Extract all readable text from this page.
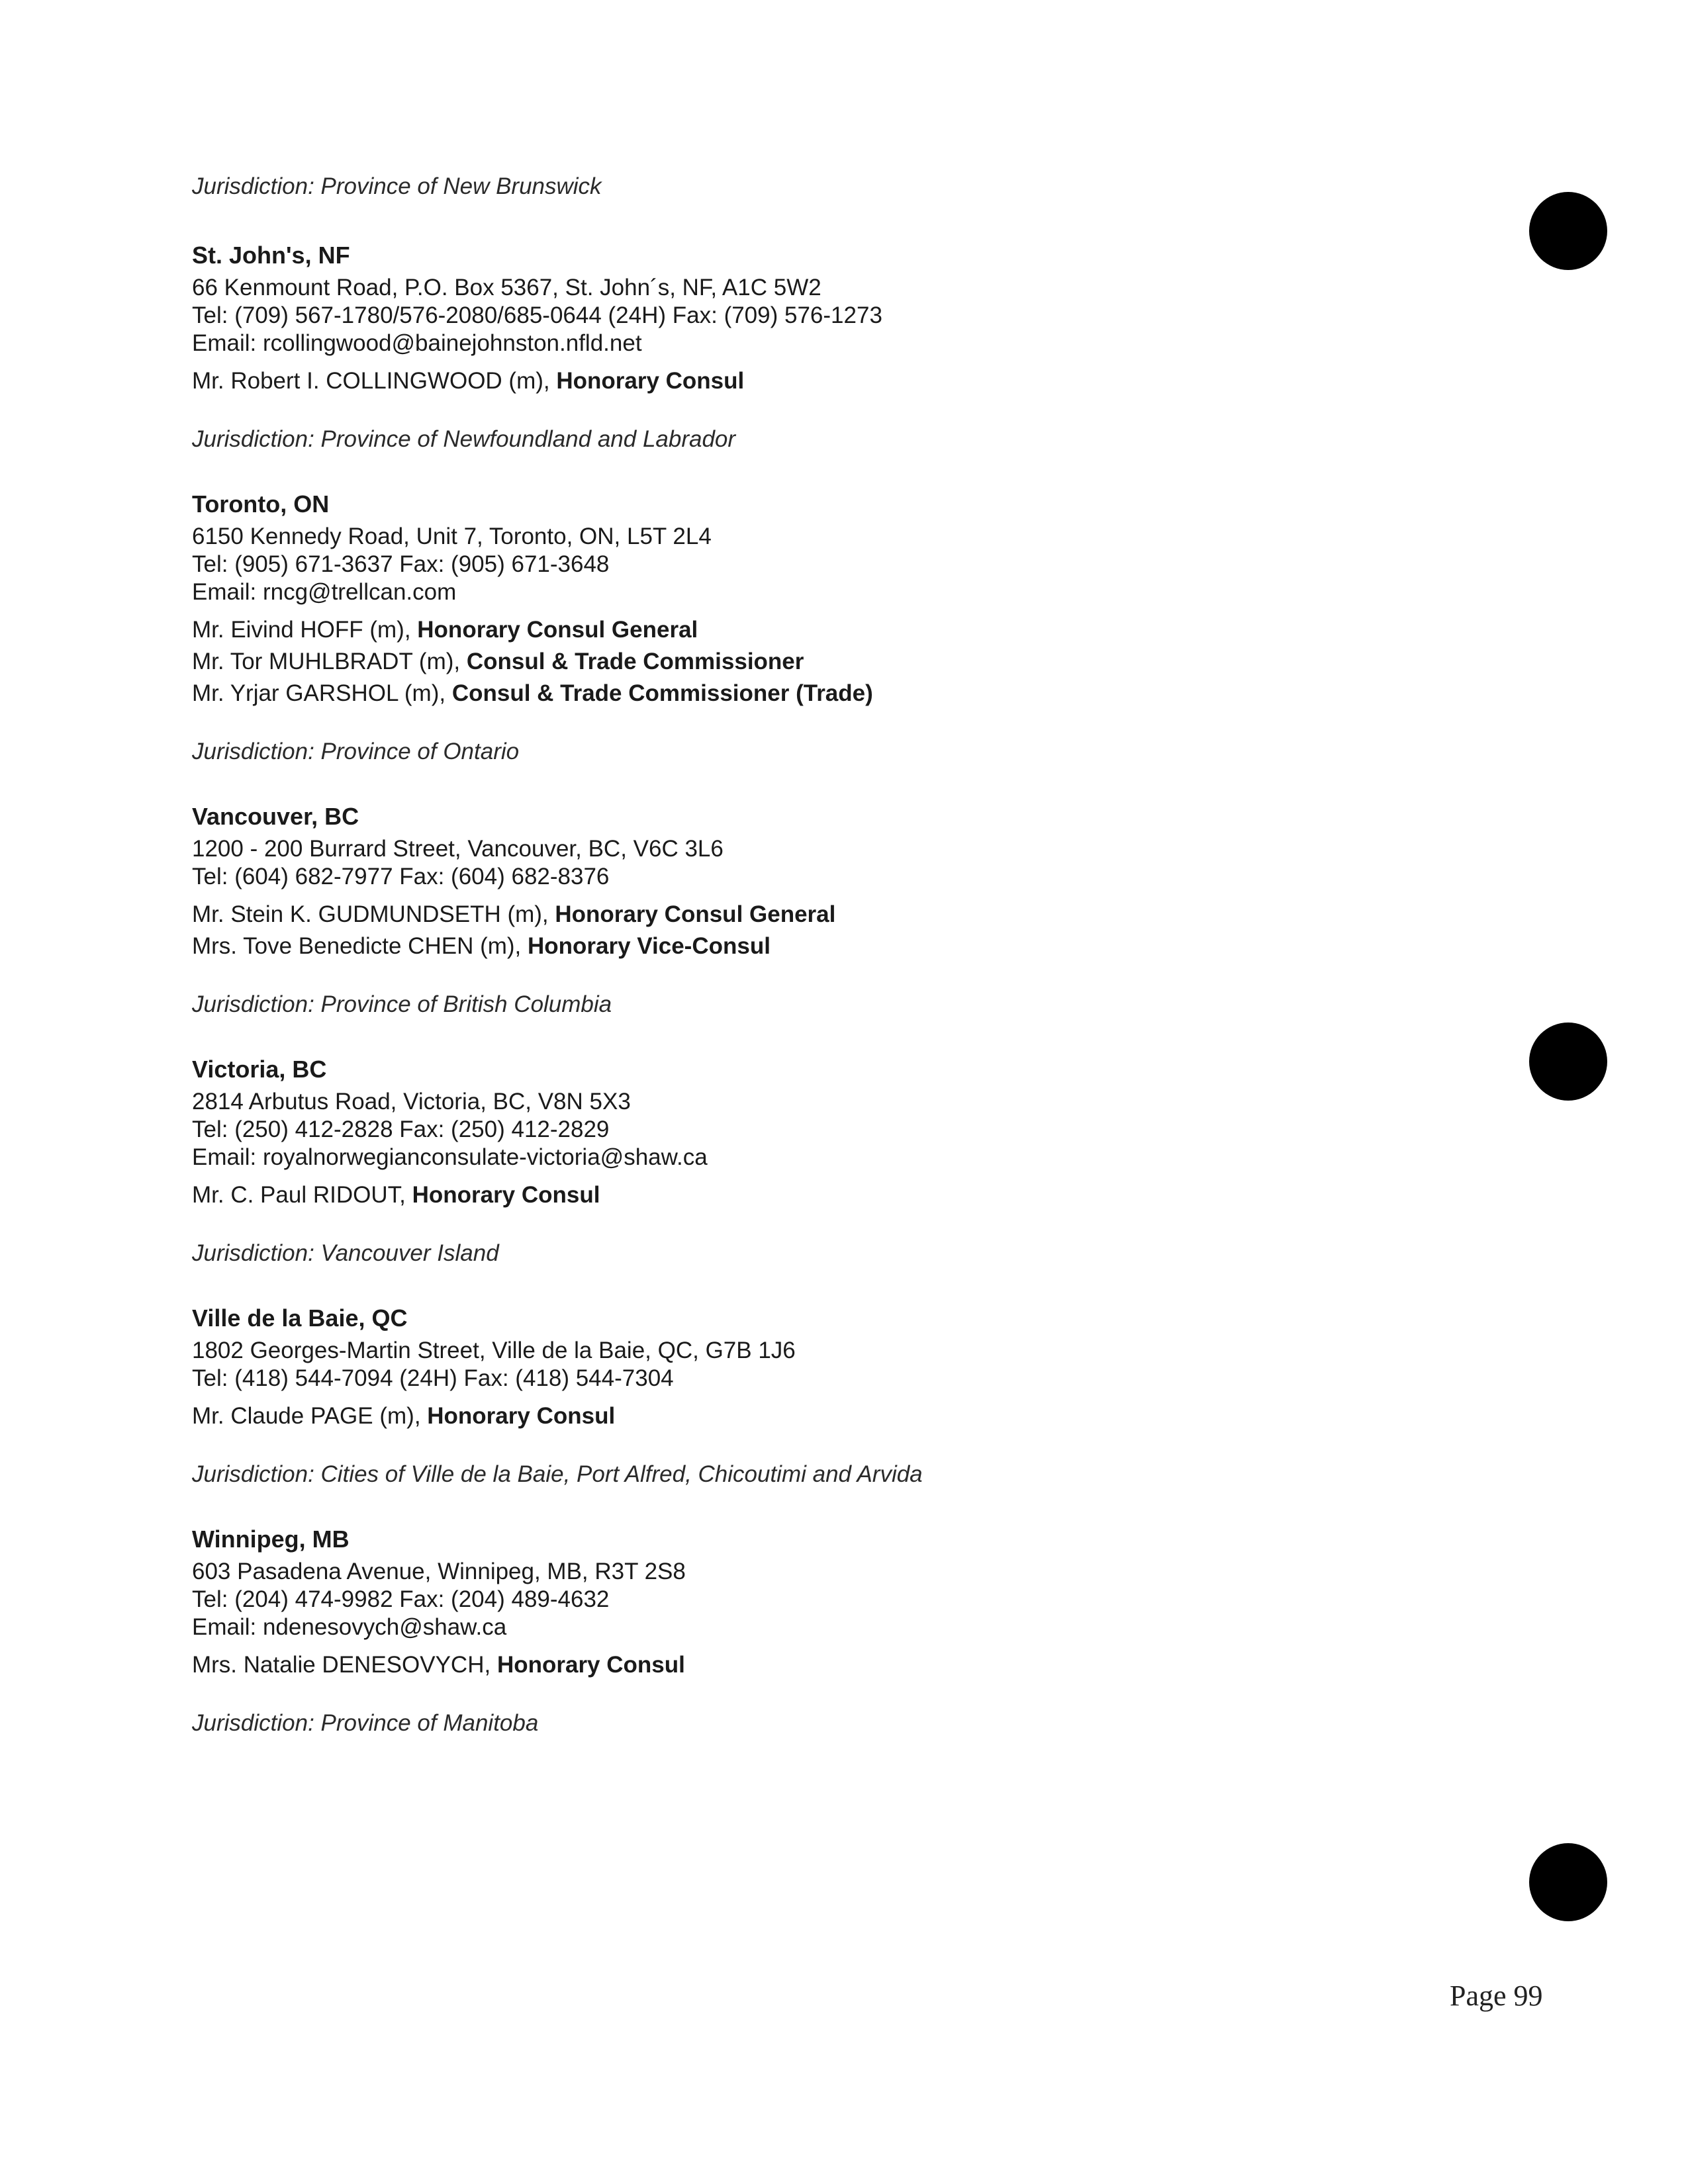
Jurisdiction: Province of New Brunswick
St. John's, NF
66 Kenmount Road, P.O. Box 5367, St. John´s, NF, A1C 5W2
Tel: (709) 567-1780/576-2080/685-0644 (24H) Fax: (709) 576-1273
Email: rcollingwood@bainejohnston.nfld.net
Mr. Robert I. COLLINGWOOD (m), Honorary Consul
Jurisdiction: Province of Newfoundland and Labrador
Toronto, ON
6150 Kennedy Road, Unit 7, Toronto, ON, L5T 2L4
Tel: (905) 671-3637 Fax: (905) 671-3648
Email: rncg@trellcan.com
Mr. Eivind HOFF (m), Honorary Consul General
Mr. Tor MUHLBRADT (m), Consul & Trade Commissioner
Mr. Yrjar GARSHOL (m), Consul & Trade Commissioner (Trade)
Jurisdiction: Province of Ontario
Vancouver, BC
1200 - 200 Burrard Street, Vancouver, BC, V6C 3L6
Tel: (604) 682-7977 Fax: (604) 682-8376
Mr. Stein K. GUDMUNDSETH (m), Honorary Consul General
Mrs. Tove Benedicte CHEN (m), Honorary Vice-Consul
Jurisdiction: Province of British Columbia
Victoria, BC
2814 Arbutus Road, Victoria, BC, V8N 5X3
Tel: (250) 412-2828 Fax: (250) 412-2829
Email: royalnorwegianconsulate-victoria@shaw.ca
Mr. C. Paul RIDOUT, Honorary Consul
Jurisdiction: Vancouver Island
Ville de la Baie, QC
1802 Georges-Martin Street, Ville de la Baie, QC, G7B 1J6
Tel: (418) 544-7094 (24H) Fax: (418) 544-7304
Mr. Claude PAGE (m), Honorary Consul
Jurisdiction: Cities of Ville de la Baie, Port Alfred, Chicoutimi and Arvida
Winnipeg, MB
603 Pasadena Avenue, Winnipeg, MB, R3T 2S8
Tel: (204) 474-9982 Fax: (204) 489-4632
Email: ndenesovych@shaw.ca
Mrs. Natalie DENESOVYCH, Honorary Consul
Jurisdiction: Province of Manitoba
Page 99
